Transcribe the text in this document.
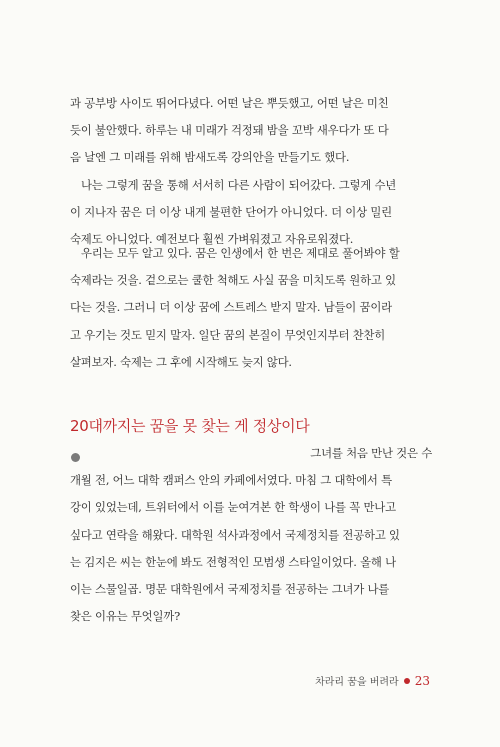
과 공부방 사이도 뛰어다녔다. 어떤 날은 뿌듯했고, 어떤 날은 미친
듯이 불안했다. 하루는 내 미래가 걱정돼 밤을 꼬박 새우다가 또 다
음 날엔 그 미래를 위해 밤새도록 강의안을 만들기도 했다.
나는 그렇게 꿈을 통해 서서히 다른 사람이 되어갔다. 그렇게 수년
이 지나자 꿈은 더 이상 내게 불편한 단어가 아니었다. 더 이상 밀린
숙제도 아니었다. 예전보다 훨씬 가벼워졌고 자유로워졌다.
우리는 모두 알고 있다. 꿈은 인생에서 한 번은 제대로 풀어봐야 할
숙제라는 것을. 겉으로는 쿨한 척해도 사실 꿈을 미치도록 원하고 있
다는 것을. 그러니 더 이상 꿈에 스트레스 받지 말자. 남들이 꿈이라
고 우기는 것도 믿지 말자. 일단 꿈의 본질이 무엇인지부터 찬찬히
살펴보자. 숙제는 그 후에 시작해도 늦지 않다.
20대까지는 꿈을 못 찾는 게 정상이다
그녀를 처음 만난 것은 수
개월 전, 어느 대학 캠퍼스 안의 카페에서였다. 마침 그 대학에서 특
강이 있었는데, 트위터에서 이를 눈여겨본 한 학생이 나를 꼭 만나고
싶다고 연락을 해왔다. 대학원 석사과정에서 국제정치를 전공하고 있
는 김지은 씨는 한눈에 봐도 전형적인 모범생 스타일이었다. 올해 나
이는 스물일곱. 명문 대학원에서 국제정치를 전공하는 그녀가 나를
찾은 이유는 무엇일까?
차라리 꿈을 버려라 23
